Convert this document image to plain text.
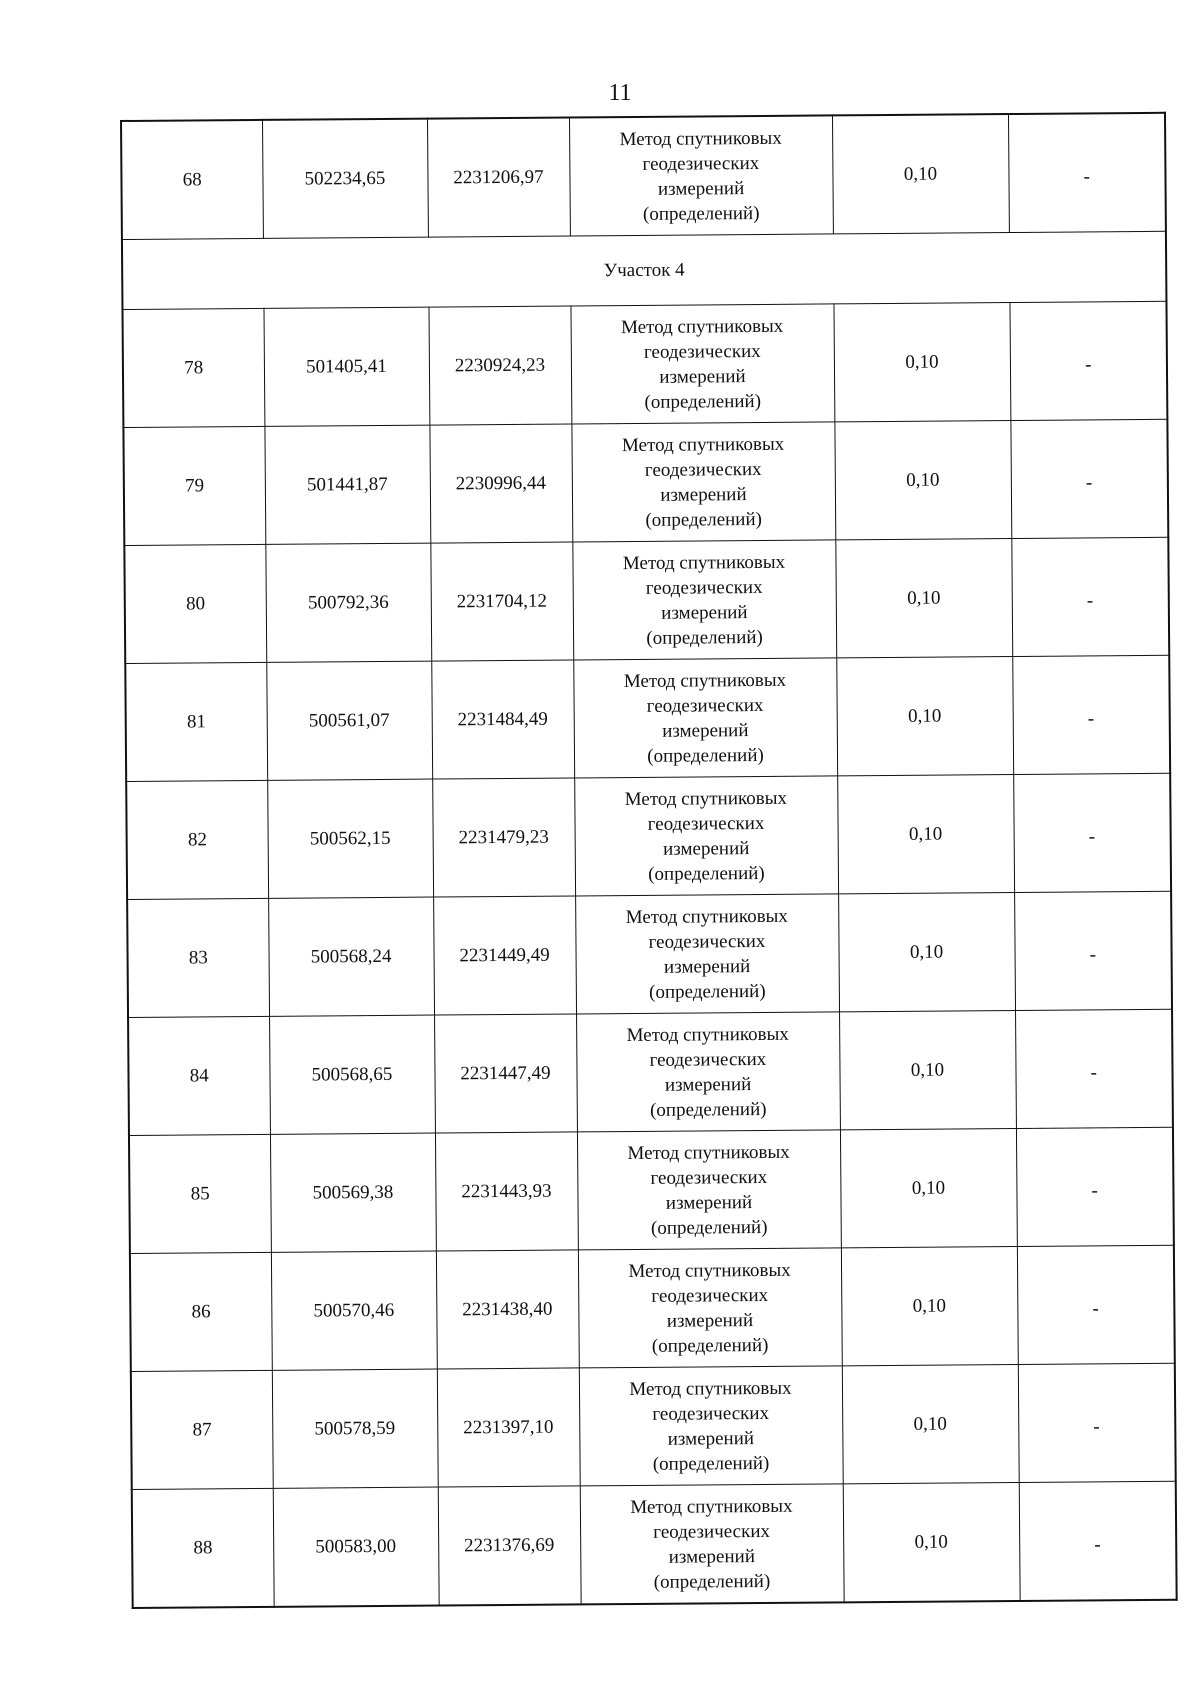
11
68	502234,65	2231206,97	Метод спутниковых
геодезических
измерений
(определений)	0,10	-
Участок 4					
78	501405,41	2230924,23	Метод спутниковых
геодезических
измерений
(определений)	0,10	-
79	501441,87	2230996,44	Метод спутниковых
геодезических
измерений
(определений)	0,10	-
80	500792,36	2231704,12	Метод спутниковых
геодезических
измерений
(определений)	0,10	-
81	500561,07	2231484,49	Метод спутниковых
геодезических
измерений
(определений)	0,10	-
82	500562,15	2231479,23	Метод спутниковых
геодезических
измерений
(определений)	0,10	-
83	500568,24	2231449,49	Метод спутниковых
геодезических
измерений
(определений)	0,10	-
84	500568,65	2231447,49	Метод спутниковых
геодезических
измерений
(определений)	0,10	-
85	500569,38	2231443,93	Метод спутниковых
геодезических
измерений
(определений)	0,10	-
86	500570,46	2231438,40	Метод спутниковых
геодезических
измерений
(определений)	0,10	-
87	500578,59	2231397,10	Метод спутниковых
геодезических
измерений
(определений)	0,10	-
88	500583,00	2231376,69	Метод спутниковых
геодезических
измерений
(определений)	0,10	-
